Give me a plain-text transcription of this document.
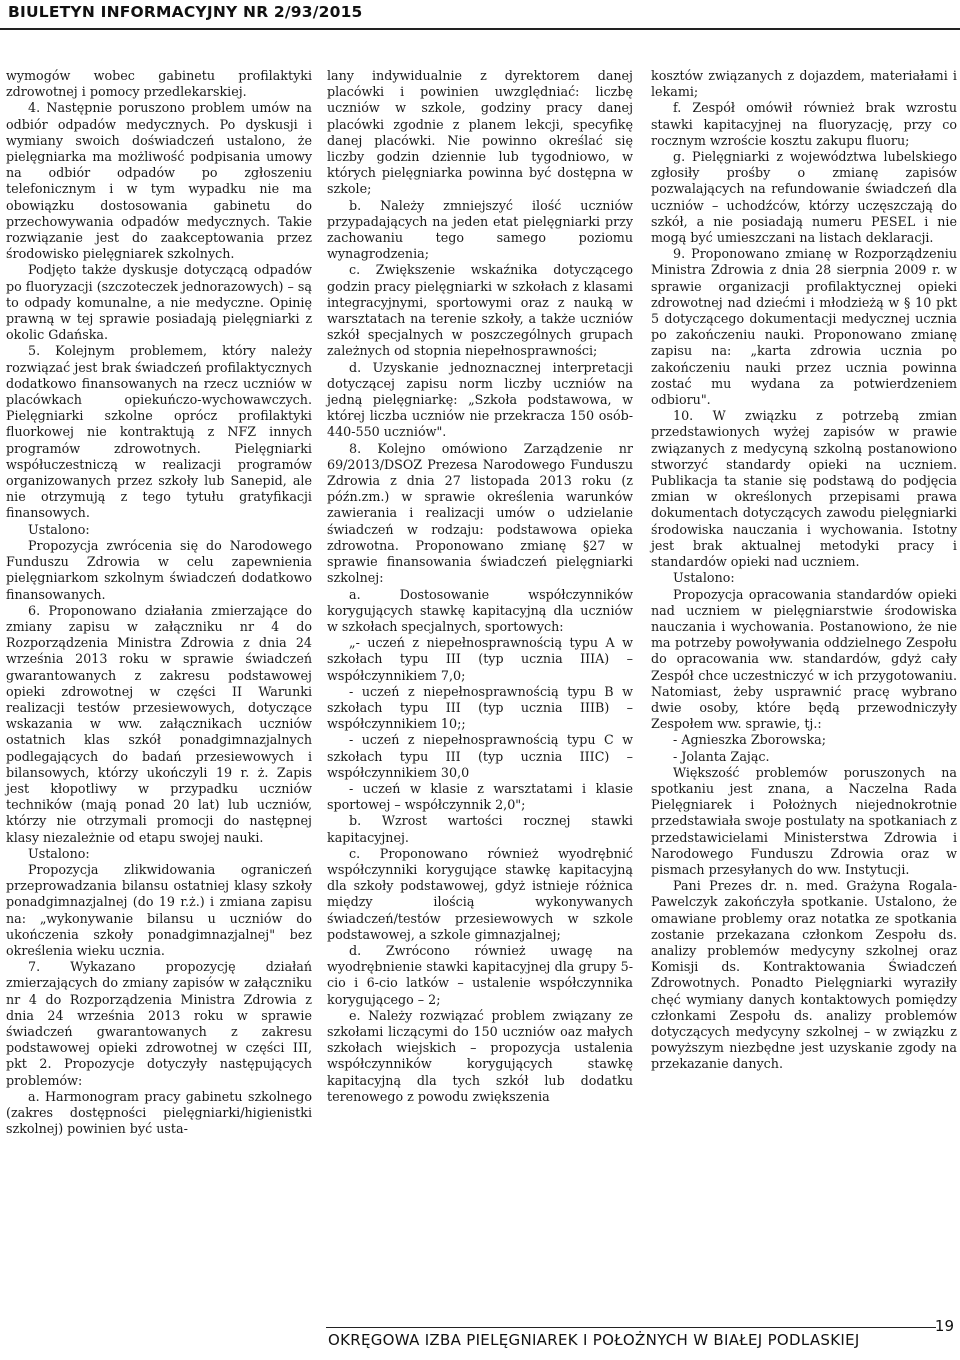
BIULETYN INFORMACYJNY NR 2/93/2015

wymogów wobec gabinetu profilaktyki zdrowotnej i pomocy przedlekarskiej.

4. Następnie poruszono problem umów na odbiór odpadów medycznych. Po dyskusji i wymiany swoich doświadczeń ustalono, że pielęgniarka ma możliwość podpisania umowy na odbiór odpadów po zgłoszeniu telefonicznym i w tym wypadku nie ma obowiązku dostosowania gabinetu do przechowywania odpadów medycznych. Takie rozwiązanie jest do zaakceptowania przez środowisko pielęgniarek szkolnych.

Podjęto także dyskusje dotyczącą odpadów po fluoryzacji (szczoteczek jednorazowych) – są to odpady komunalne, a nie medyczne. Opinię prawną w tej sprawie posiadają pielęgniarki z okolic Gdańska.

5. Kolejnym problemem, który należy rozwiązać jest brak świadczeń profilaktycznych dodatkowo finansowanych na rzecz uczniów w placówkach opiekuńczo-wychowawczych. Pielęgniarki szkolne oprócz profilaktyki fluorkowej nie kontraktują z NFZ innych programów zdrowotnych. Pielęgniarki współuczestniczą w realizacji programów organizowanych przez szkoły lub Sanepid, ale nie otrzymują z tego tytułu gratyfikacji finansowych.

Ustalono:

Propozycja zwrócenia się do Narodowego Funduszu Zdrowia w celu zapewnienia pielęgniarkom szkolnym świadczeń dodatkowo finansowanych.

6. Proponowano działania zmierzające do zmiany zapisu w załączniku nr 4 do Rozporządzenia Ministra Zdrowia z dnia 24 września 2013 roku w sprawie świadczeń gwarantowanych z zakresu podstawowej opieki zdrowotnej w części II Warunki realizacji testów przesiewowych, dotyczące wskazania w ww. załącznikach uczniów ostatnich klas szkół ponadgimnazjalnych podlegających do badań przesiewowych i bilansowych, którzy ukończyli 19 r. ż. Zapis jest kłopotliwy w przypadku uczniów techników (mają ponad 20 lat) lub uczniów, którzy nie otrzymali promocji do następnej klasy niezależnie od etapu swojej nauki.

Ustalono:

Propozycja zlikwidowania ograniczeń przeprowadzania bilansu ostatniej klasy szkoły ponadgimnazjalnej (do 19 r.ż.) i zmiana zapisu na: „wykonywanie bilansu u uczniów do ukończenia szkoły ponadgimnazjalnej" bez określenia wieku ucznia.

7. Wykazano propozycję działań zmierzających do zmiany zapisów w załączniku nr 4 do Rozporządzenia Ministra Zdrowia z dnia 24 września 2013 roku w sprawie świadczeń gwarantowanych z zakresu podstawowej opieki zdrowotnej w części III, pkt 2. Propozycje dotyczyły następujących problemów:

a. Harmonogram pracy gabinetu szkolnego (zakres dostępności pielęgniarki/higienistki szkolnej) powinien być usta-

lany indywidualnie z dyrektorem danej placówki i powinien uwzględniać: liczbę uczniów w szkole, godziny pracy danej placówki zgodnie z planem lekcji, specyfikę danej placówki. Nie powinno określać się liczby godzin dziennie lub tygodniowo, w których pielęgniarka powinna być dostępna w szkole;

b. Należy zmniejszyć ilość uczniów przypadających na jeden etat pielęgniarki przy zachowaniu tego samego poziomu wynagrodzenia;

c. Zwiększenie wskaźnika dotyczącego godzin pracy pielęgniarki w szkołach z klasami integracyjnymi, sportowymi oraz z nauką w warsztatach na terenie szkoły, a także uczniów szkół specjalnych w poszczególnych grupach zależnych od stopnia niepełnosprawności;

d. Uzyskanie jednoznacznej interpretacji dotyczącej zapisu norm liczby uczniów na jedną pielęgniarkę: „Szkoła podstawowa, w której liczba uczniów nie przekracza 150 osób- 440-550 uczniów".

8. Kolejno omówiono Zarządzenie nr 69/2013/DSOZ Prezesa Narodowego Funduszu Zdrowia z dnia 27 listopada 2013 roku (z późn.zm.) w sprawie określenia warunków zawierania i realizacji umów o udzielanie świadczeń w rodzaju: podstawowa opieka zdrowotna. Proponowano zmianę §27 w sprawie finansowania świadczeń pielęgniarki szkolnej:

a. Dostosowanie współczynników korygujących stawkę kapitacyjną dla uczniów w szkołach specjalnych, sportowych:

„- uczeń z niepełnosprawnością typu A w szkołach typu III (typ ucznia IIIA) – współczynnikiem 7,0;

- uczeń z niepełnosprawnością typu B w szkołach typu III (typ ucznia IIIB) – współczynnikiem 10;;

- uczeń z niepełnosprawnością typu C w szkołach typu III (typ ucznia IIIC) – współczynnikiem 30,0

- uczeń w klasie z warsztatami i klasie sportowej – współczynnik 2,0";

b. Wzrost wartości rocznej stawki kapitacyjnej.

c. Proponowano również wyodrębnić współczynniki korygujące stawkę kapitacyjną dla szkoły podstawowej, gdyż istnieje różnica między ilością wykonywanych świadczeń/testów przesiewowych w szkole podstawowej, a szkole gimnazjalnej;

d. Zwrócono również uwagę na wyodrębnienie stawki kapitacyjnej dla grupy 5-cio i 6-cio latków – ustalenie współczynnika korygującego – 2;

e. Należy rozwiązać problem związany ze szkołami liczącymi do 150 uczniów oaz małych szkołach wiejskich – propozycja ustalenia współczynników korygujących stawkę kapitacyjną dla tych szkół lub dodatku terenowego z powodu zwiększenia

kosztów związanych z dojazdem, materiałami i lekami;

f. Zespół omówił również brak wzrostu stawki kapitacyjnej na fluoryzację, przy co rocznym wzroście kosztu zakupu fluoru;

g. Pielęgniarki z województwa lubelskiego zgłosiły prośby o zmianę zapisów pozwalających na refundowanie świadczeń dla uczniów – uchodźców, którzy uczęszczają do szkół, a nie posiadają numeru PESEL i nie mogą być umieszczani na listach deklaracji.

9. Proponowano zmianę w Rozporządzeniu Ministra Zdrowia z dnia 28 sierpnia 2009 r. w sprawie organizacji profilaktycznej opieki zdrowotnej nad dziećmi i młodzieżą w § 10 pkt 5 dotyczącego dokumentacji medycznej ucznia po zakończeniu nauki. Proponowano zmianę zapisu na: „karta zdrowia ucznia po zakończeniu nauki przez ucznia powinna zostać mu wydana za potwierdzeniem odbioru".

10. W związku z potrzebą zmian przedstawionych wyżej zapisów w prawie związanych z medycyną szkolną postanowiono stworzyć standardy opieki na uczniem. Publikacja ta stanie się podstawą do podjęcia zmian w określonych przepisami prawa dokumentach dotyczących zawodu pielęgniarki środowiska nauczania i wychowania. Istotny jest brak aktualnej metodyki pracy i standardów opieki nad uczniem.

Ustalono:

Propozycja opracowania standardów opieki nad uczniem w pielęgniarstwie środowiska nauczania i wychowania. Postanowiono, że nie ma potrzeby powoływania oddzielnego Zespołu do opracowania ww. standardów, gdyż cały Zespół chce uczestniczyć w ich przygotowaniu. Natomiast, żeby usprawnić pracę wybrano dwie osoby, które będą przewodniczyły Zespołem ww. sprawie, tj.:

- Agnieszka Zborowska;

- Jolanta Zając.

Większość problemów poruszonych na spotkaniu jest znana, a Naczelna Rada Pielęgniarek i Położnych niejednokrotnie przedstawiała swoje postulaty na spotkaniach z przedstawicielami Ministerstwa Zdrowia i Narodowego Funduszu Zdrowia oraz w pismach przesyłanych do ww. Instytucji.

Pani Prezes dr. n. med. Grażyna Rogala-Pawelczyk zakończyła spotkanie. Ustalono, że omawiane problemy oraz notatka ze spotkania zostanie przekazana członkom Zespołu ds. analizy problemów medycyny szkolnej oraz Komisji ds. Kontraktowania Świadczeń Zdrowotnych. Ponadto Pielęgniarki wyraziły chęć wymiany danych kontaktowych pomiędzy członkami Zespołu ds. analizy problemów dotyczących medycyny szkolnej – w związku z powyższym niezbędne jest uzyskanie zgody na przekazanie danych.

OKRĘGOWA IZBA PIELĘGNIAREK I POŁOŻNYCH W BIAŁEJ PODLASKIEJ
19
